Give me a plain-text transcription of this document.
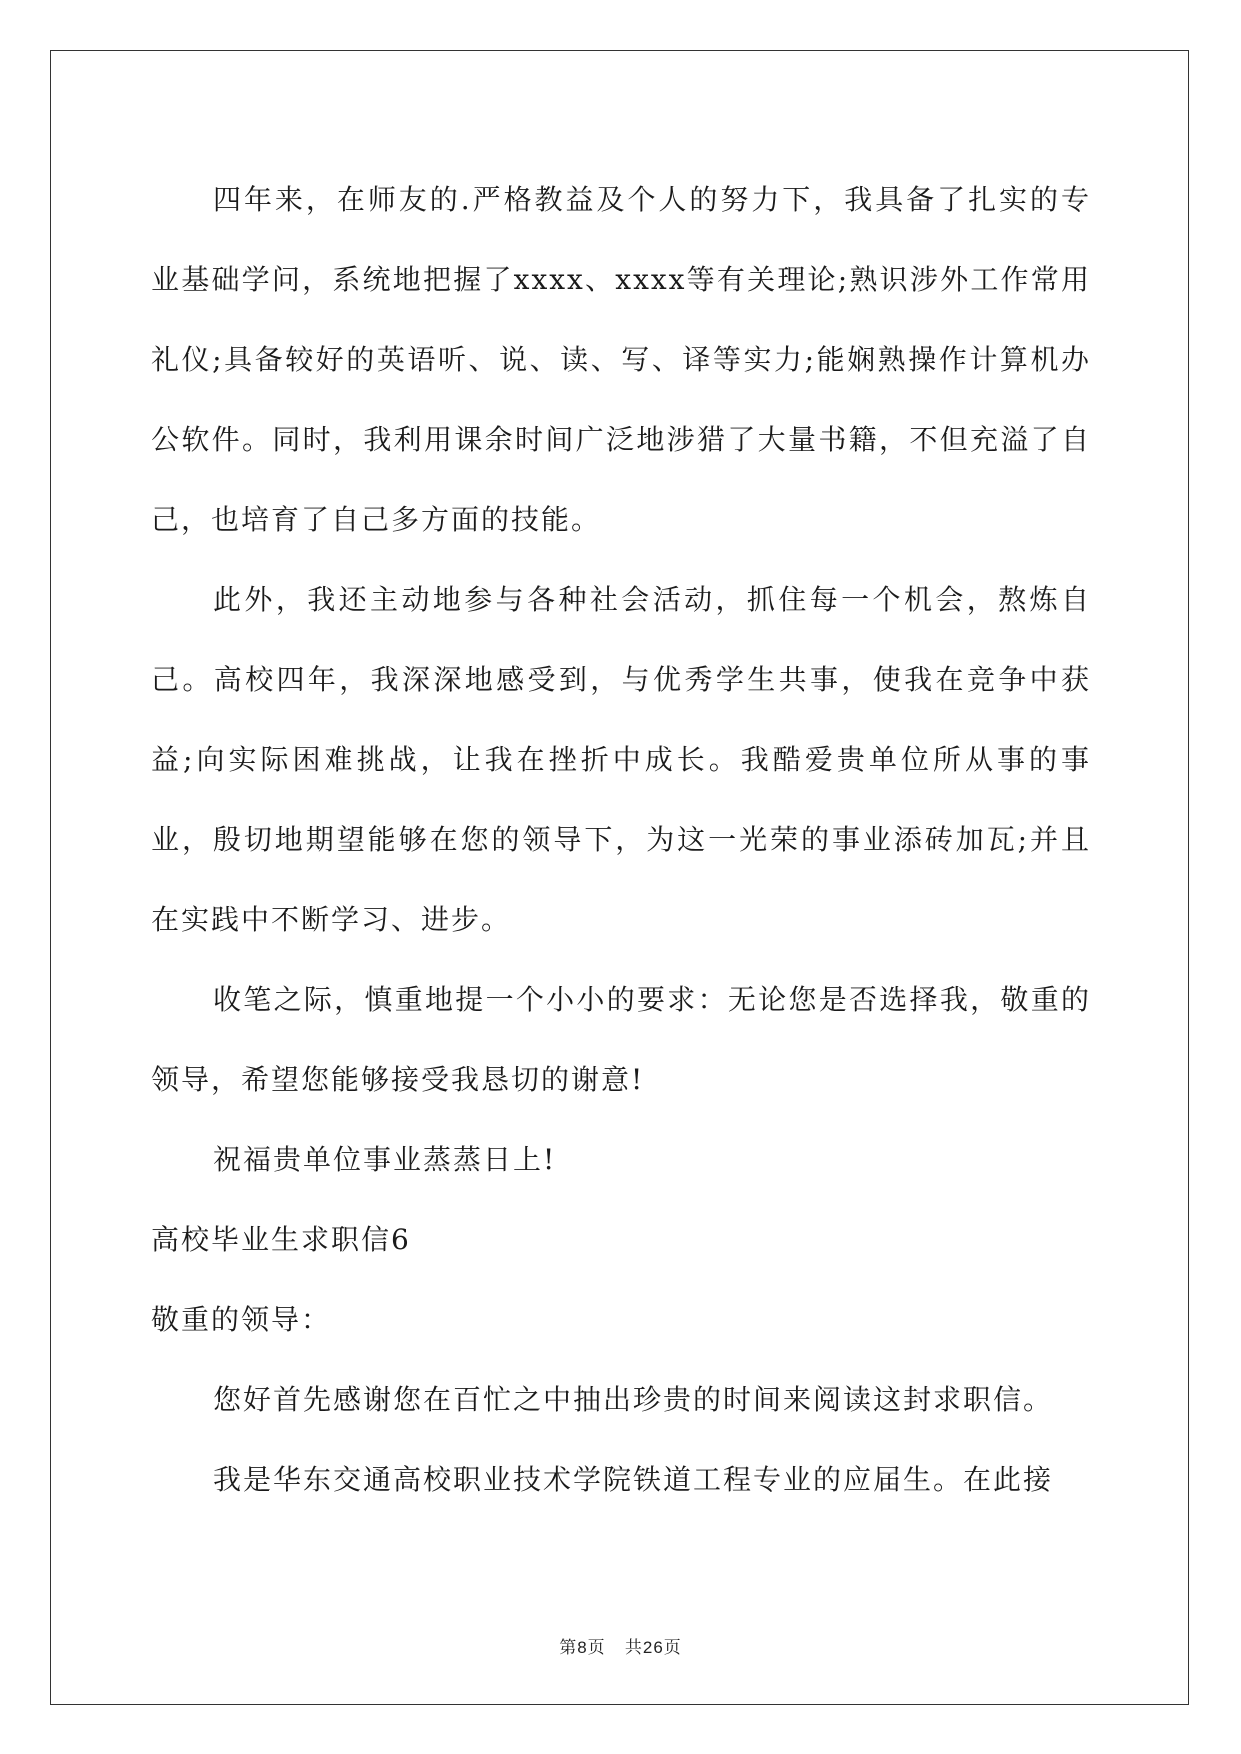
四年来，在师友的.严格教益及个人的努力下，我具备了扎实的专业基础学问，系统地把握了xxxx、xxxx等有关理论;熟识涉外工作常用礼仪;具备较好的英语听、说、读、写、译等实力;能娴熟操作计算机办公软件。同时，我利用课余时间广泛地涉猎了大量书籍，不但充溢了自己，也培育了自己多方面的技能。

此外，我还主动地参与各种社会活动，抓住每一个机会，熬炼自己。高校四年，我深深地感受到，与优秀学生共事，使我在竞争中获益;向实际困难挑战，让我在挫折中成长。我酷爱贵单位所从事的事业，殷切地期望能够在您的领导下，为这一光荣的事业添砖加瓦;并且在实践中不断学习、进步。

收笔之际，慎重地提一个小小的要求：无论您是否选择我，敬重的领导，希望您能够接受我恳切的谢意!

祝福贵单位事业蒸蒸日上!

高校毕业生求职信6

敬重的领导：

您好首先感谢您在百忙之中抽出珍贵的时间来阅读这封求职信。

我是华东交通高校职业技术学院铁道工程专业的应届生。在此接

第8页 共26页
